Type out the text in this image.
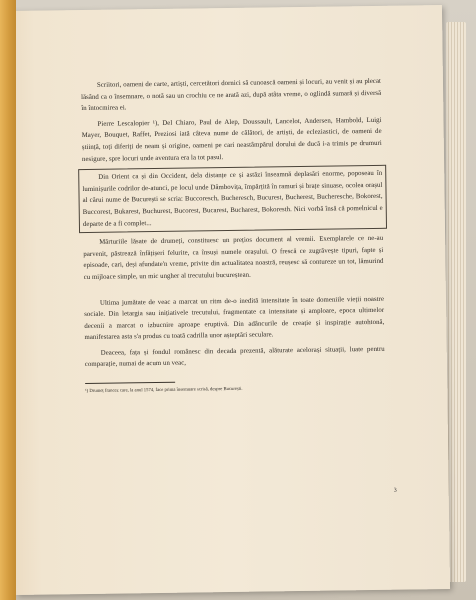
Scriitori, oameni de carte, artiști, cercetători dornici să cunoască oameni și locuri, au venit și au plecat lăsând ca o însemnare, o notă sau un crochiu ce ne arată azi, după atâta vreme, o oglindă sumară și diversă în întocmirea ei.

Pierre Lescalopier ¹), Del Chiaro, Paul de Alep, Doussault, Lancelot, Andersen, Hambold, Luigi Mayer, Bouquet, Raffet, Preziosi iată câteva nume de călători, de artiști, de ecleziastici, de oameni de știință, toți diferiți de neam și origine, oameni pe cari neastâmpărul dorului de ducă i-a trimis pe drumuri nesigure, spre locuri unde aventura era la tot pasul.

Din Orient ca și din Occident, dela distanțe ce și astăzi înseamnă deplasări enorme, poposeau în luminișurile codrilor de-atunci, pe locul unde Dâmbovița, împărțită în ramuri și brațe sinuase, ocolea orașul al cărui nume de București se scria: Buccoresch, Bucheresch, Bucurest, Bucherest, Bucheresche, Bokorest, Buccorest, Bukarest, Buchurest, Bucorest, Bucarest, Bucharest, Bokoresth. Nici vorbă însă că pomelnicul e departe de a fi complet...

Mărturiile lăsate de drumeți, constituesc un prețios document al vremii. Exemplarele ce ne-au parvenit, păstrează înfățișeri felurite, ca însuși numele orașului. O frescă ce zugrăvește tipuri, fapte și episoade, cari, deși afundate'n vreme, privite din actualitatea noastră, reușesc să contureze un tot, lămurind cu mijloace simple, un mic ungher al trecutului bucureștean.

Ultima jumătate de veac a marcat un ritm de-o inedită intensitate în toate domeniile vieții noastre sociale. Din letargia sau inițiativele trecutului, fragmentate ca intensitate și amploare, epoca ultimelor decenii a marcat o izbucnire aproape eruptivă. Din adâncurile de creație și inspirație autohtonă, manifestarea asta s'a produs cu toată cadrilla unor așteptări seculare.

Deaceea, fața și fondul românesc din decada prezentă, alăturate acelorași situații, luate pentru comparație, numai de acum un veac,

¹) Drumeț francez care, la anul 1574, face prima însemnare scrisă, despre București.

3
